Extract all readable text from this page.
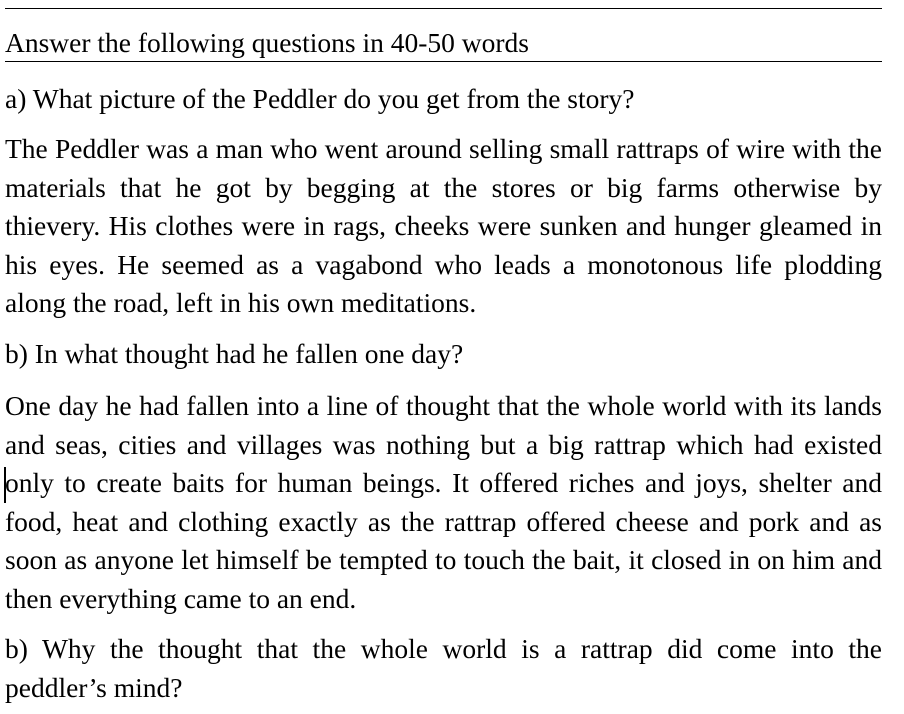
Answer the following questions in 40-50 words
a) What picture of the Peddler do you get from the story?

The Peddler was a man who went around selling small rattraps of wire with the materials that he got by begging at the stores or big farms otherwise by thievery. His clothes were in rags, cheeks were sunken and hunger gleamed in his eyes. He seemed as a vagabond who leads a monotonous life plodding along the road, left in his own meditations.

b) In what thought had he fallen one day?

One day he had fallen into a line of thought that the whole world with its lands and seas, cities and villages was nothing but a big rattrap which had existed only to create baits for human beings. It offered riches and joys, shelter and food, heat and clothing exactly as the rattrap offered cheese and pork and as soon as anyone let himself be tempted to touch the bait, it closed in on him and then everything came to an end.

b) Why the thought that the whole world is a rattrap did come into the peddler’s mind?
